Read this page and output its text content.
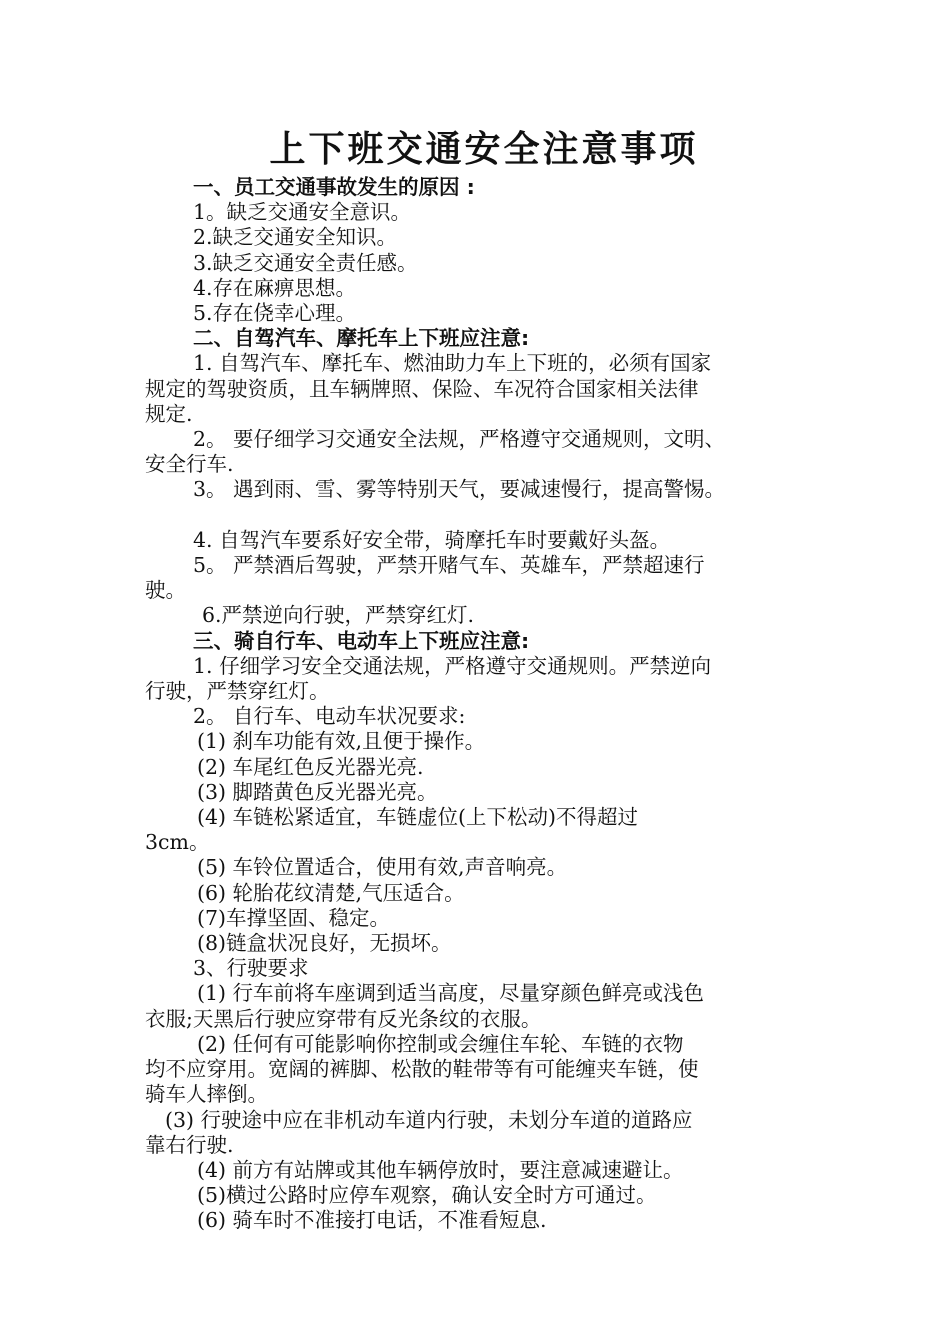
上下班交通安全注意事项

一、员工交通事故发生的原因 :

1。缺乏交通安全意识。

2.缺乏交通安全知识。

3.缺乏交通安全责任感。

4.存在麻痹思想。

5.存在侥幸心理。

二、自驾汽车、摩托车上下班应注意:

1. 自驾汽车、摩托车、燃油助力车上下班的，必须有国家

规定的驾驶资质，且车辆牌照、保险、车况符合国家相关法律

规定.

2。 要仔细学习交通安全法规，严格遵守交通规则，文明、

安全行车.

3。 遇到雨、雪、雾等特别天气，要减速慢行，提高警惕。

4. 自驾汽车要系好安全带，骑摩托车时要戴好头盔。

5。 严禁酒后驾驶，严禁开赌气车、英雄车，严禁超速行

驶。

6.严禁逆向行驶，严禁穿红灯.

三、骑自行车、电动车上下班应注意:

1. 仔细学习安全交通法规，严格遵守交通规则。严禁逆向

行驶，严禁穿红灯。

2。 自行车、电动车状况要求:

(1) 刹车功能有效,且便于操作。

(2) 车尾红色反光器光亮.

(3) 脚踏黄色反光器光亮。

(4) 车链松紧适宜，车链虚位(上下松动)不得超过

3cm。

(5) 车铃位置适合，使用有效,声音响亮。

(6) 轮胎花纹清楚,气压适合。

(7)车撑坚固、稳定。

(8)链盒状况良好，无损坏。

3、行驶要求

(1) 行车前将车座调到适当高度，尽量穿颜色鲜亮或浅色

衣服;天黑后行驶应穿带有反光条纹的衣服。

(2) 任何有可能影响你控制或会缠住车轮、车链的衣物

均不应穿用。宽阔的裤脚、松散的鞋带等有可能缠夹车链，使

骑车人摔倒。

(3) 行驶途中应在非机动车道内行驶，未划分车道的道路应

靠右行驶.

(4) 前方有站牌或其他车辆停放时，要注意减速避让。

(5)横过公路时应停车观察，确认安全时方可通过。

(6) 骑车时不准接打电话，不准看短息.
